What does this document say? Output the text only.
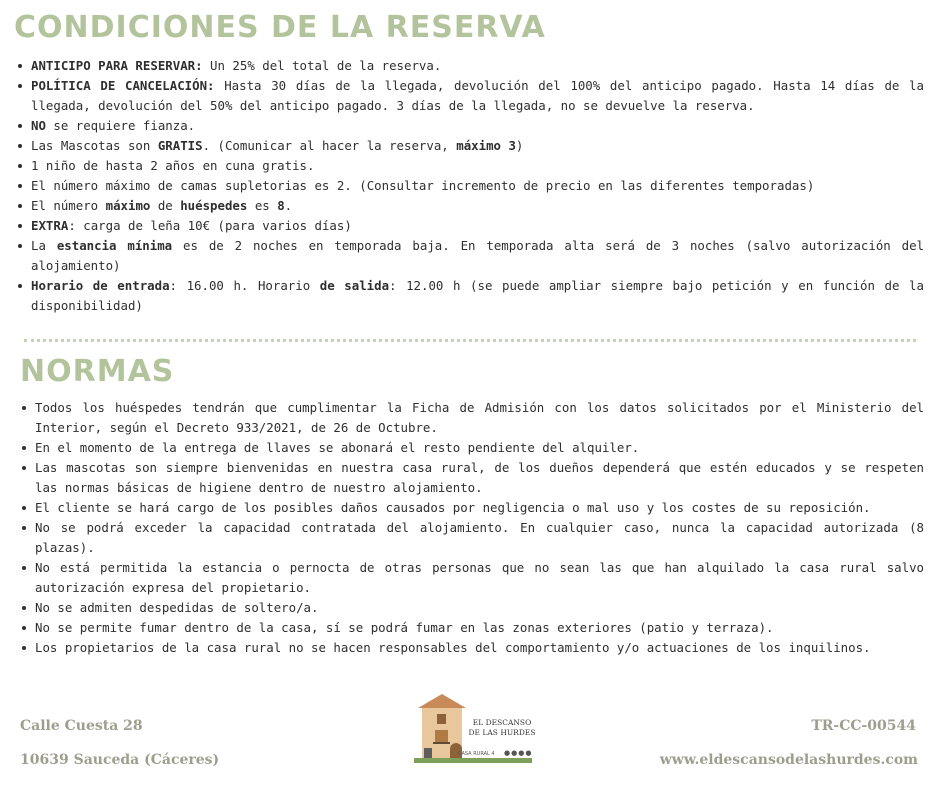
CONDICIONES DE LA RESERVA
ANTICIPO PARA RESERVAR: Un 25% del total de la reserva.
POLÍTICA DE CANCELACIÓN: Hasta 30 días de la llegada, devolución del 100% del anticipo pagado. Hasta 14 días de la llegada, devolución del 50% del anticipo pagado. 3 días de la llegada, no se devuelve la reserva.
NO se requiere fianza.
Las Mascotas son GRATIS. (Comunicar al hacer la reserva, máximo 3)
1 niño de hasta 2 años en cuna gratis.
El número máximo de camas supletorias es 2. (Consultar incremento de precio en las diferentes temporadas)
El número máximo de huéspedes es 8.
EXTRA: carga de leña 10€ (para varios días)
La estancia mínima es de 2 noches en temporada baja. En temporada alta será de 3 noches (salvo autorización del alojamiento)
Horario de entrada: 16.00 h. Horario de salida: 12.00 h (se puede ampliar siempre bajo petición y en función de la disponibilidad)
NORMAS
Todos los huéspedes tendrán que cumplimentar la Ficha de Admisión con los datos solicitados por el Ministerio del Interior, según el Decreto 933/2021, de 26 de Octubre.
En el momento de la entrega de llaves se abonará el resto pendiente del alquiler.
Las mascotas son siempre bienvenidas en nuestra casa rural, de los dueños dependerá que estén educados y se respeten las normas básicas de higiene dentro de nuestro alojamiento.
El cliente se hará cargo de los posibles daños causados por negligencia o mal uso y los costes de su reposición.
No se podrá exceder la capacidad contratada del alojamiento. En cualquier caso, nunca la capacidad autorizada (8 plazas).
No está permitida la estancia o pernocta de otras personas que no sean las que han alquilado la casa rural salvo autorización expresa del propietario.
No se admiten despedidas de soltero/a.
No se permite fumar dentro de la casa, sí se podrá fumar en las zonas exteriores (patio y terraza).
Los propietarios de la casa rural no se hacen responsables del comportamiento y/o actuaciones de los inquilinos.

Calle Cuesta 28

10639 Sauceda (Cáceres)

TR-CC-00544

www.eldescansodelashurdes.com

EL DESCANSO
DE LAS HURDES
CASA RURAL 4 ●●●●
